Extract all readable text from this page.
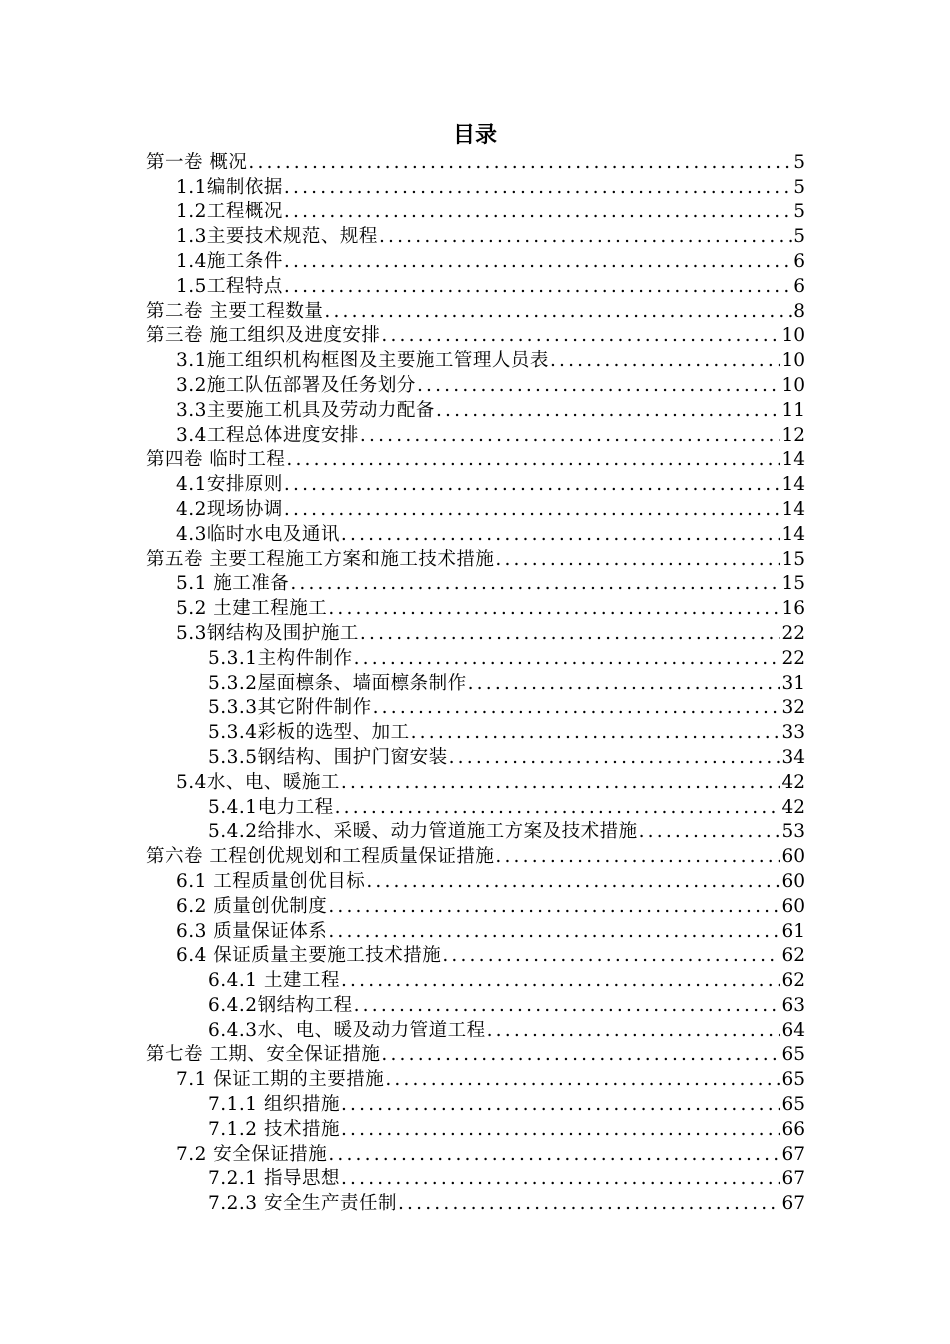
目录
第一卷 概况 .....	5
1.1编制依据 .....	5
1.2工程概况 .....	5
1.3主要技术规范、规程 .....	5
1.4施工条件 .....	6
1.5工程特点 .....	6
第二卷 主要工程数量 .....	8
第三卷 施工组织及进度安排 .....	10
3.1施工组织机构框图及主要施工管理人员表 .....	10
3.2施工队伍部署及任务划分 .....	10
3.3主要施工机具及劳动力配备 .....	11
3.4工程总体进度安排 .....	12
第四卷 临时工程 .....	14
4.1安排原则 .....	14
4.2现场协调 .....	14
4.3临时水电及通讯 .....	14
第五卷 主要工程施工方案和施工技术措施 .....	15
5.1 施工准备 .....	15
5.2 土建工程施工 .....	16
5.3钢结构及围护施工 .....	22
5.3.1主构件制作 .....	22
5.3.2屋面檩条、墙面檩条制作 .....	31
5.3.3其它附件制作 .....	32
5.3.4彩板的选型、加工 .....	33
5.3.5钢结构、围护门窗安装 .....	34
5.4水、电、暖施工 .....	42
5.4.1电力工程 .....	42
5.4.2给排水、采暖、动力管道施工方案及技术措施 .....	53
第六卷 工程创优规划和工程质量保证措施 .....	60
6.1 工程质量创优目标 .....	60
6.2 质量创优制度 .....	60
6.3 质量保证体系 .....	61
6.4 保证质量主要施工技术措施 .....	62
6.4.1 土建工程 .....	62
6.4.2钢结构工程 .....	63
6.4.3水、电、暖及动力管道工程 .....	64
第七卷 工期、安全保证措施 .....	65
7.1 保证工期的主要措施 .....	65
7.1.1 组织措施 .....	65
7.1.2 技术措施 .....	66
7.2 安全保证措施 .....	67
7.2.1 指导思想 .....	67
7.2.3 安全生产责任制 .....	67
